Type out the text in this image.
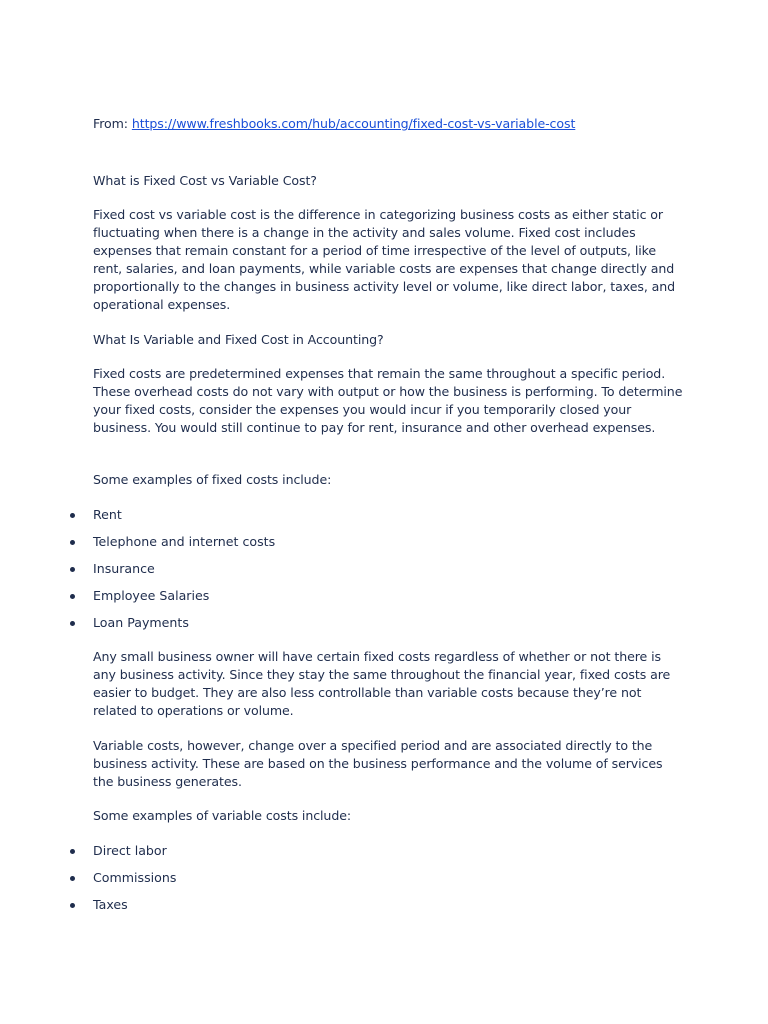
From: https://www.freshbooks.com/hub/accounting/fixed-cost-vs-variable-cost
What is Fixed Cost vs Variable Cost?
Fixed cost vs variable cost is the difference in categorizing business costs as either static or fluctuating when there is a change in the activity and sales volume. Fixed cost includes expenses that remain constant for a period of time irrespective of the level of outputs, like rent, salaries, and loan payments, while variable costs are expenses that change directly and proportionally to the changes in business activity level or volume, like direct labor, taxes, and operational expenses.
What Is Variable and Fixed Cost in Accounting?
Fixed costs are predetermined expenses that remain the same throughout a specific period. These overhead costs do not vary with output or how the business is performing. To determine your fixed costs, consider the expenses you would incur if you temporarily closed your business. You would still continue to pay for rent, insurance and other overhead expenses.
Some examples of fixed costs include:
Rent
Telephone and internet costs
Insurance
Employee Salaries
Loan Payments
Any small business owner will have certain fixed costs regardless of whether or not there is any business activity. Since they stay the same throughout the financial year, fixed costs are easier to budget. They are also less controllable than variable costs because they’re not related to operations or volume.
Variable costs, however, change over a specified period and are associated directly to the business activity. These are based on the business performance and the volume of services the business generates.
Some examples of variable costs include:
Direct labor
Commissions
Taxes
